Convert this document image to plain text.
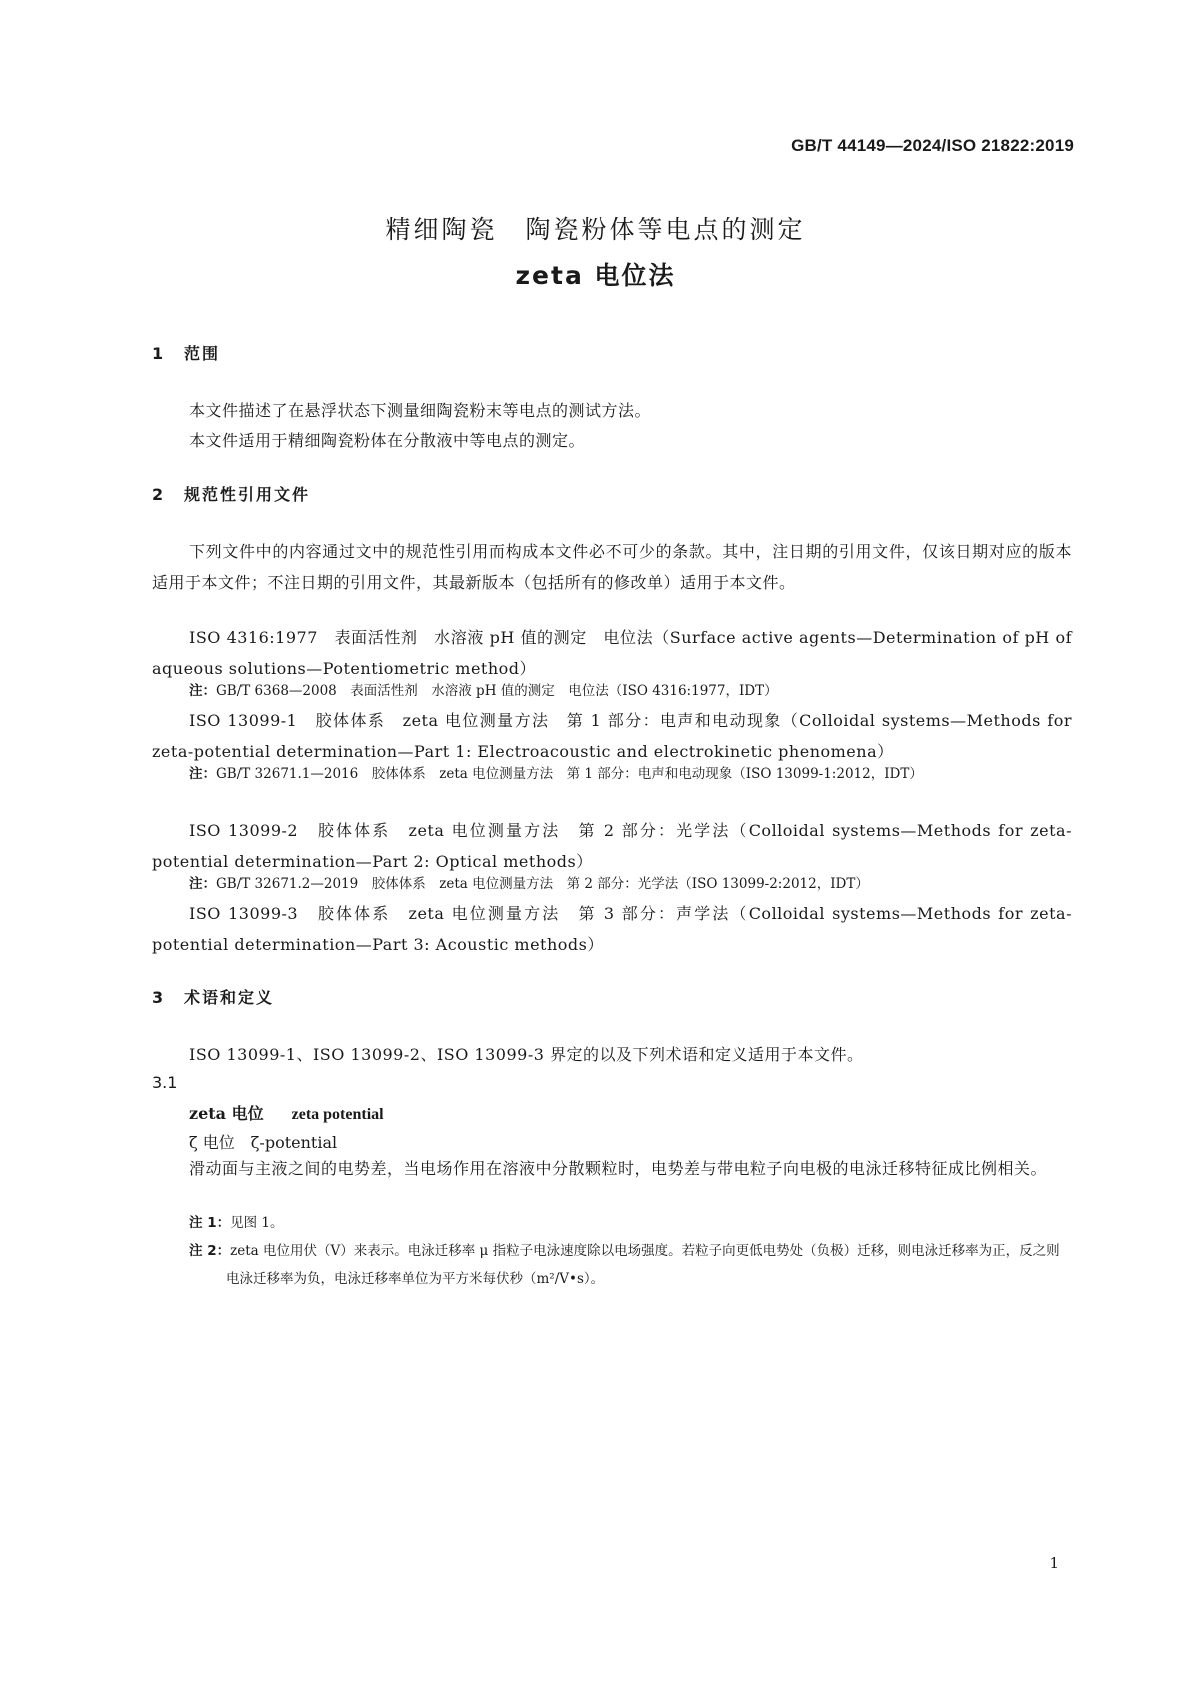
GB/T 44149—2024/ISO 21822:2019
精细陶瓷　陶瓷粉体等电点的测定
zeta 电位法
1 范围
本文件描述了在悬浮状态下测量细陶瓷粉末等电点的测试方法。
本文件适用于精细陶瓷粉体在分散液中等电点的测定。
2 规范性引用文件
下列文件中的内容通过文中的规范性引用而构成本文件必不可少的条款。其中，注日期的引用文件，仅该日期对应的版本适用于本文件；不注日期的引用文件，其最新版本（包括所有的修改单）适用于本文件。
ISO 4316:1977　表面活性剂　水溶液 pH 值的测定　电位法（Surface active agents—Determination of pH of aqueous solutions—Potentiometric method）
注：GB/T 6368—2008　表面活性剂　水溶液 pH 值的测定　电位法（ISO 4316:1977，IDT）
ISO 13099-1　胶体体系　zeta 电位测量方法　第 1 部分：电声和电动现象（Colloidal systems—Methods for zeta-potential determination—Part 1: Electroacoustic and electrokinetic phenomena）
注：GB/T 32671.1—2016　胶体体系　zeta 电位测量方法　第 1 部分：电声和电动现象（ISO 13099-1:2012，IDT）
ISO 13099-2　胶体体系　zeta 电位测量方法　第 2 部分：光学法（Colloidal systems—Methods for zeta-potential determination—Part 2: Optical methods）
注：GB/T 32671.2—2019　胶体体系　zeta 电位测量方法　第 2 部分：光学法（ISO 13099-2:2012，IDT）
ISO 13099-3　胶体体系　zeta 电位测量方法　第 3 部分：声学法（Colloidal systems—Methods for zeta-potential determination—Part 3: Acoustic methods）
3 术语和定义
ISO 13099-1、ISO 13099-2、ISO 13099-3 界定的以及下列术语和定义适用于本文件。
3.1
zeta 电位 zeta potential
ζ 电位　ζ-potential
滑动面与主液之间的电势差，当电场作用在溶液中分散颗粒时，电势差与带电粒子向电极的电泳迁移特征成比例相关。
注 1：见图 1。
注 2：zeta 电位用伏（V）来表示。电泳迁移率 μ 指粒子电泳速度除以电场强度。若粒子向更低电势处（负极）迁移，则电泳迁移率为正，反之则电泳迁移率为负，电泳迁移率单位为平方米每伏秒（m²/V•s）。
1
